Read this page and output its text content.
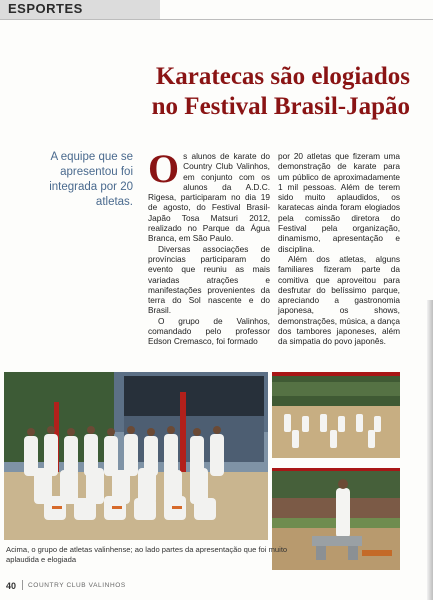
ESPORTES
Karatecas são elogiados
no Festival Brasil-Japão
A equipe que se apresentou foi integrada por 20 atletas.

Os alunos de karate do Country Club Valinhos, em conjunto com os alunos da A.D.C. Rigesa, participaram no dia 19 de agosto, do Festival Brasil-Japão Tosa Matsuri 2012, realizado no Parque da Água Branca, em São Paulo.

Diversas associações de províncias participaram do evento que reuniu as mais variadas atrações e manifestações provenientes da terra do Sol nascente e do Brasil.

O grupo de Valinhos, comandado pelo professor Edson Cremasco, foi formado

por 20 atletas que fizeram uma demonstração de karate para um público de aproximadamente 1 mil pessoas. Além de terem sido muito aplaudidos, os karatecas ainda foram elogiados pela comissão diretora do Festival pela organização, dinamismo, apresentação e disciplina.

Além dos atletas, alguns familiares fizeram parte da comitiva que aproveitou para desfrutar do belíssimo parque, apreciando a gastronomia japonesa, os shows, demonstrações, música, a dança dos tambores japoneses, além da simpatia do povo japonês.

Acima, o grupo de atletas valinhense; ao lado partes da apresentação que foi muito aplaudida e elogiada
40 COUNTRY CLUB VALINHOS
